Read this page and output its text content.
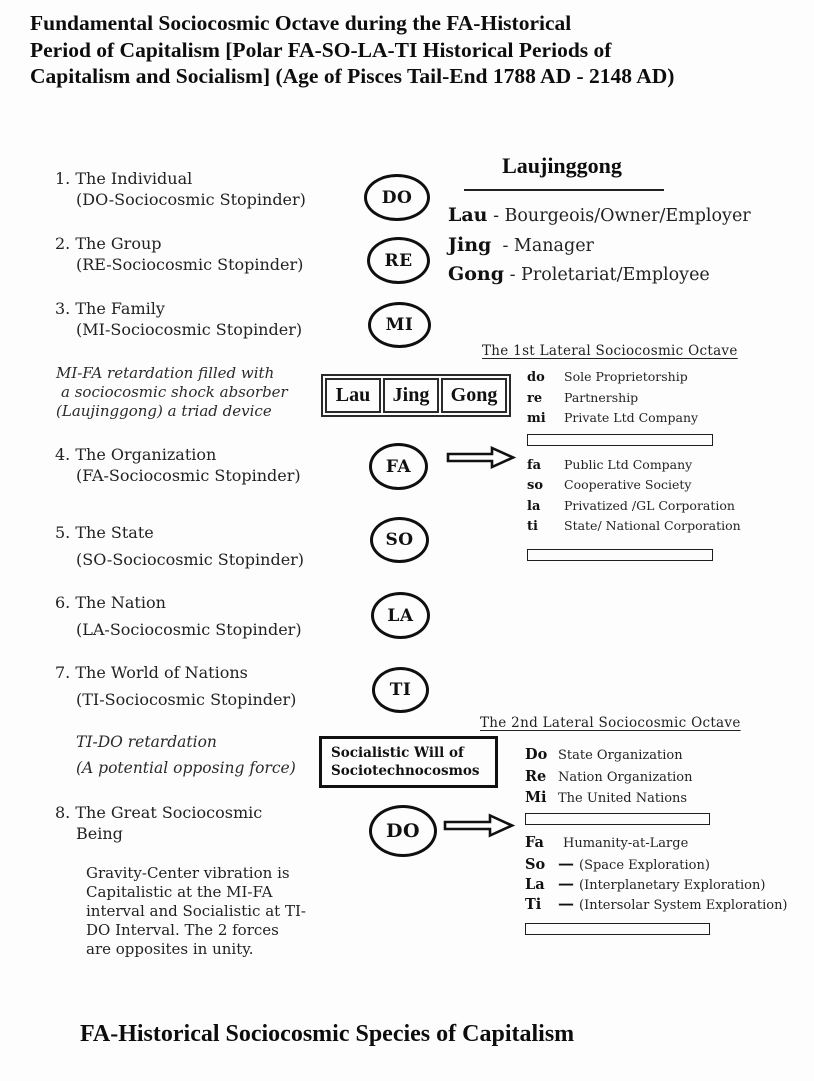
Fundamental Sociocosmic Octave during the FA-Historical
Period of Capitalism [Polar FA-SO-LA-TI Historical Periods of
Capitalism and Socialism] (Age of Pisces Tail-End 1788 AD - 2148 AD)
1. The Individual
(DO-Sociocosmic Stopinder)
2. The Group
(RE-Sociocosmic Stopinder)
3. The Family
(MI-Sociocosmic Stopinder)
4. The Organization
(FA-Sociocosmic Stopinder)
5. The State
(SO-Sociocosmic Stopinder)
6. The Nation
(LA-Sociocosmic Stopinder)
7. The World of Nations
(TI-Sociocosmic Stopinder)
8. The Great Sociocosmic
Being
MI-FA retardation filled with
a sociocosmic shock absorber
(Laujinggong) a triad device
TI-DO retardation
(A potential opposing force)
Gravity-Center vibration is
Capitalistic at the MI-FA
interval and Socialistic at TI-
DO Interval. The 2 forces
are opposites in unity.
DO
RE
MI
FA
SO
LA
TI
DO
Laujinggong
Lau - Bourgeois/Owner/Employer
Jing - Manager
Gong - Proletariat/Employee
Lau	Jing	Gong
The 1st Lateral Sociocosmic Octave
do	Sole Proprietorship
re	Partnership
mi	Private Ltd Company
fa	Public Ltd Company
so	Cooperative Society
la	Privatized /GL Corporation
ti	State/ National Corporation
The 2nd Lateral Sociocosmic Octave
Do State Organization
Re Nation Organization
Mi The United Nations
Fa	Humanity-at-Large
So — (Space Exploration)
La — (Interplanetary Exploration)
Ti	— (Intersolar System Exploration)
Socialistic Will of
Sociotechnocosmos
FA-Historical Sociocosmic Species of Capitalism
